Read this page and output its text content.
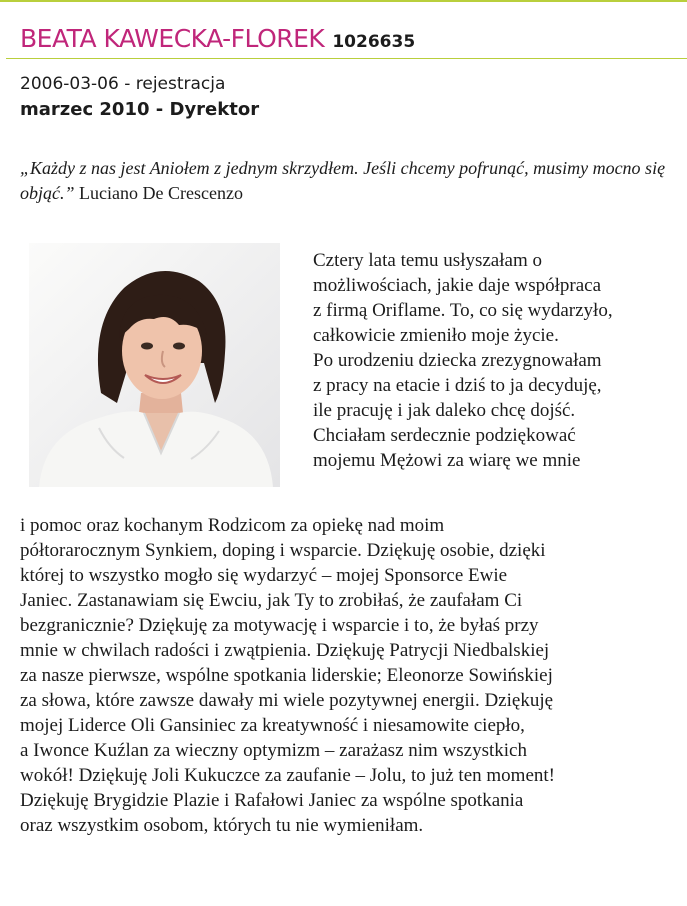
BEATA KAWECKA-FLOREK 1026635
2006-03-06 - rejestracja
marzec 2010 - Dyrektor
„Każdy z nas jest Aniołem z jednym skrzydłem. Jeśli chcemy pofrunąć, musimy mocno się objąć.” Luciano De Crescenzo
Cztery lata temu usłyszałam o
możliwościach, jakie daje współpraca
z firmą Oriflame. To, co się wydarzyło,
całkowicie zmieniło moje życie.
Po urodzeniu dziecka zrezygnowałam
z pracy na etacie i dziś to ja decyduję,
ile pracuję i jak daleko chcę dojść.
Chciałam serdecznie podziękować
mojemu Mężowi za wiarę we mnie
i pomoc oraz kochanym Rodzicom za opiekę nad moim
półtorarocznym Synkiem, doping i wsparcie. Dziękuję osobie, dzięki
której to wszystko mogło się wydarzyć – mojej Sponsorce Ewie
Janiec. Zastanawiam się Ewciu, jak Ty to zrobiłaś, że zaufałam Ci
bezgranicznie? Dziękuję za motywację i wsparcie i to, że byłaś przy
mnie w chwilach radości i zwątpienia. Dziękuję Patrycji Niedbalskiej
za nasze pierwsze, wspólne spotkania liderskie; Eleonorze Sowińskiej
za słowa, które zawsze dawały mi wiele pozytywnej energii. Dziękuję
mojej Liderce Oli Gansiniec za kreatywność i niesamowite ciepło,
a Iwonce Kuźlan za wieczny optymizm – zarażasz nim wszystkich
wokół! Dziękuję Joli Kukuczce za zaufanie – Jolu, to już ten moment!
Dziękuję Brygidzie Plazie i Rafałowi Janiec za wspólne spotkania
oraz wszystkim osobom, których tu nie wymieniłam.
